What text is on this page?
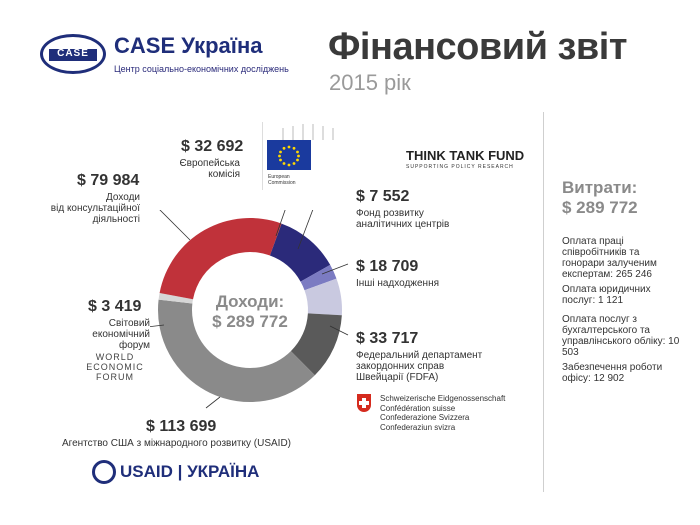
CASE	CASE Україна
Центр соціально-економічних досліджень
Фінансовий звіт
2015 рік
Доходи:
$ 289 772
$ 32 692
Європейська
комісія
$ 7 552
Фонд розвитку
аналітичних центрів
$ 18 709
Інші надходження
$ 33 717
Федеральний департамент
закордонних справ
Швейцарії (FDFA)
$ 113 699
Агентство США з міжнародного розвитку (USAID)
$ 3 419
Світовий
економічний форум
$ 79 984
Доходи
від консультаційної
діяльності
European Commission
THINK TANK FUND
SUPPORTING POLICY RESEARCH
WORLD ECONOMIC FORUM
Schweizerische Eidgenossenschaft
Confédération suisse
Confederazione Svizzera
Confederaziun svizra
USAID | УКРАЇНА
Витрати:
$ 289 772
Оплата праці співробітників та гонорари залученим експертам: 265 246
Оплата юридичних послуг: 1 121
Оплата послуг з бухгалтерського та управлінського обліку: 10 503
Забезпечення роботи офісу: 12 902
